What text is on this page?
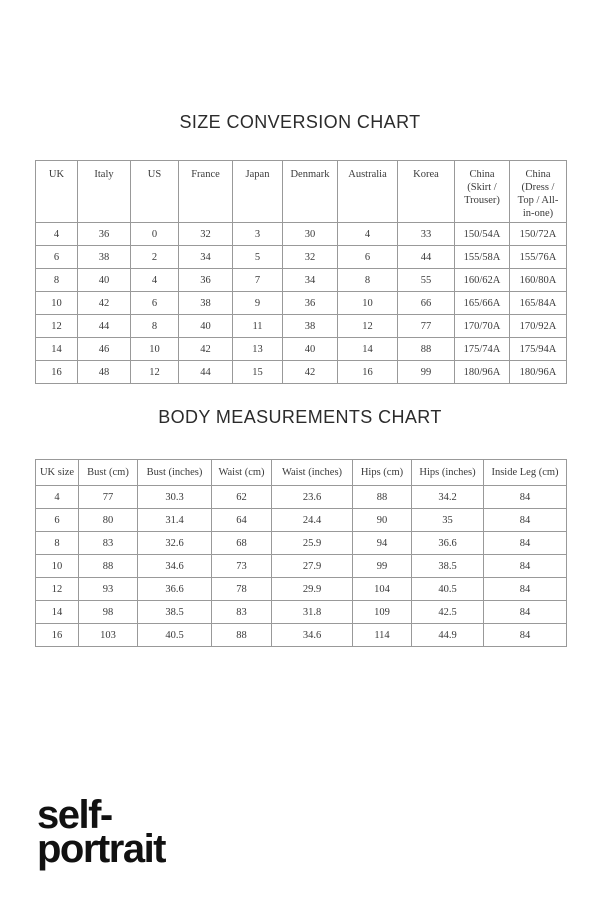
SIZE CONVERSION CHART
UK	Italy	US	France	Japan	Denmark	Australia	Korea	China (Skirt / Trouser)	China (Dress / Top / All-in-one)
4	36	0	32	3	30	4	33	150/54A	150/72A
6	38	2	34	5	32	6	44	155/58A	155/76A
8	40	4	36	7	34	8	55	160/62A	160/80A
10	42	6	38	9	36	10	66	165/66A	165/84A
12	44	8	40	11	38	12	77	170/70A	170/92A
14	46	10	42	13	40	14	88	175/74A	175/94A
16	48	12	44	15	42	16	99	180/96A	180/96A
BODY MEASUREMENTS CHART
UK size	Bust (cm)	Bust (inches)	Waist (cm)	Waist (inches)	Hips (cm)	Hips (inches)	Inside Leg (cm)
4	77	30.3	62	23.6	88	34.2	84
6	80	31.4	64	24.4	90	35	84
8	83	32.6	68	25.9	94	36.6	84
10	88	34.6	73	27.9	99	38.5	84
12	93	36.6	78	29.9	104	40.5	84
14	98	38.5	83	31.8	109	42.5	84
16	103	40.5	88	34.6	114	44.9	84
self-
portrait
